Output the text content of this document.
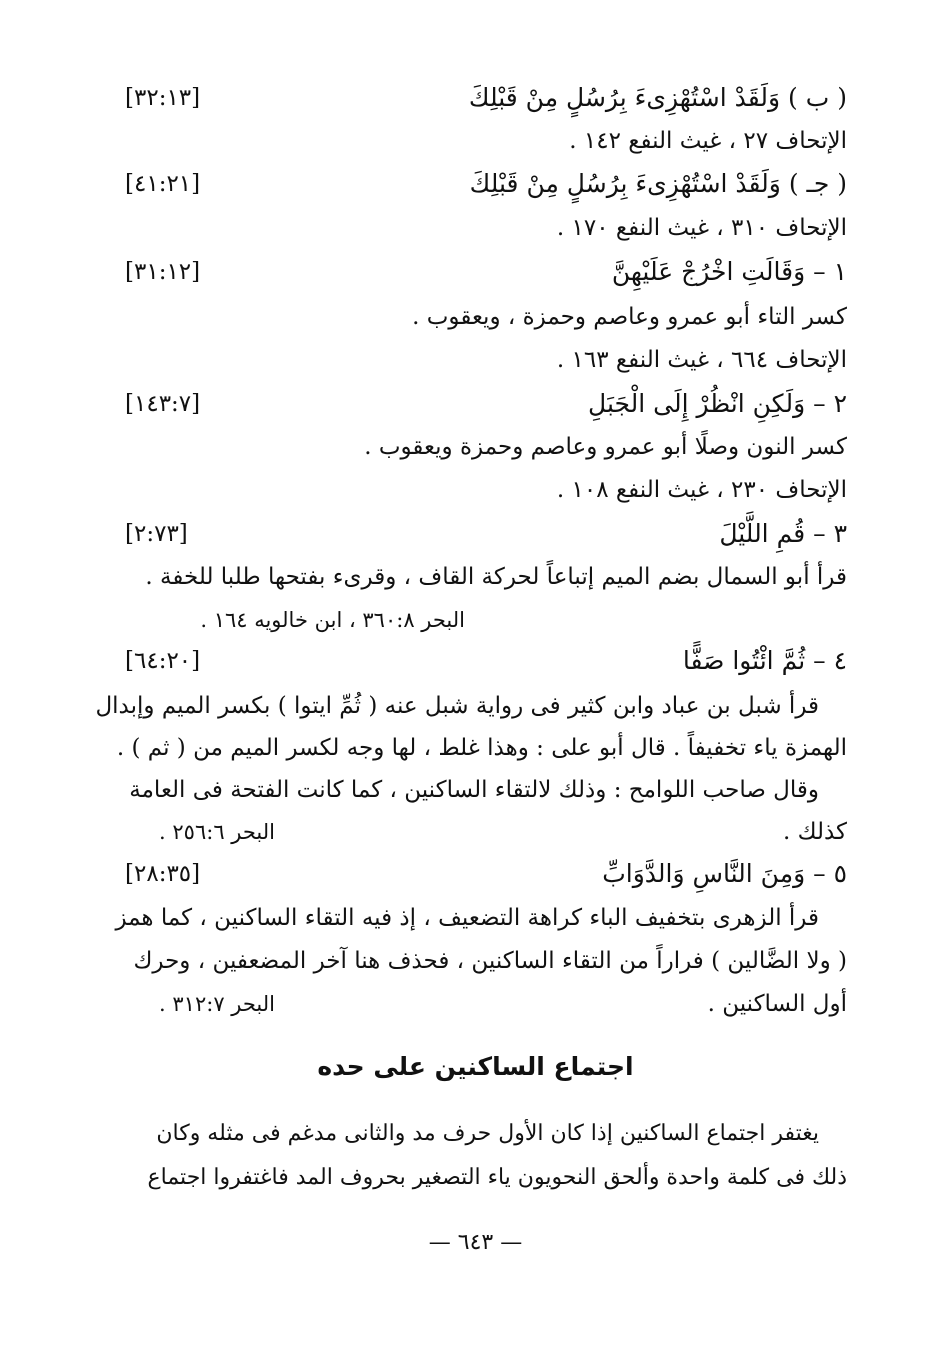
( ب ) وَلَقَدْ اسْتُهْزِىءَ بِرُسُلٍ مِنْ قَبْلِكَ
[٣٢:١٣]
الإتحاف ٢٧ ، غيث النفع ١٤٢ .
( جـ ) وَلَقَدْ اسْتُهْزِىءَ بِرُسُلٍ مِنْ قَبْلِكَ
[٤١:٢١]
الإتحاف ٣١٠ ، غيث النفع ١٧٠ .
١ – وَقَالَتِ اخْرُجْ عَلَيْهِنَّ
[٣١:١٢]
كسر التاء أبو عمرو وعاصم وحمزة ، ويعقوب .
الإتحاف ٦٦٤ ، غيث النفع ١٦٣ .
٢ – وَلَكِنِ انْظُرْ إِلَى الْجَبَلِ
[١٤٣:٧]
كسر النون وصلًا أبو عمرو وعاصم وحمزة ويعقوب .
الإتحاف ٢٣٠ ، غيث النفع ١٠٨ .
٣ – قُمِ اللَّيْلَ
[٢:٧٣]
قرأ أبو السمال بضم الميم إتباعاً لحركة القاف ، وقرىء بفتحها طلبا للخفة .
البحر ٣٦٠:٨ ، ابن خالويه ١٦٤ .
٤ – ثُمَّ ائْتُوا صَفًّا
[٦٤:٢٠]
قرأ شبل بن عباد وابن كثير فى رواية شبل عنه ( ثُمِّ ايتوا ) بكسر الميم وإبدال
الهمزة ياء تخفيفاً . قال أبو على : وهذا غلط ، لها وجه لكسر الميم من ( ثم ) .
وقال صاحب اللوامح : وذلك لالتقاء الساكنين ، كما كانت الفتحة فى العامة
كذلك .
البحر ٢٥٦:٦ .
٥ – وَمِنَ النَّاسِ وَالدَّوَابِّ
[٢٨:٣٥]
قرأ الزهرى بتخفيف الباء كراهة التضعيف ، إذ فيه التقاء الساكنين ، كما همز
( ولا الضَّالين ) فراراً من التقاء الساكنين ، فحذف هنا آخر المضعفين ، وحرك
أول الساكنين .
البحر ٣١٢:٧ .
اجتماع الساكنين على حده
يغتفر اجتماع الساكنين إذا كان الأول حرف مد والثانى مدغم فى مثله وكان
ذلك فى كلمة واحدة وألحق النحويون ياء التصغير بحروف المد فاغتفروا اجتماع
— ٦٤٣ —
